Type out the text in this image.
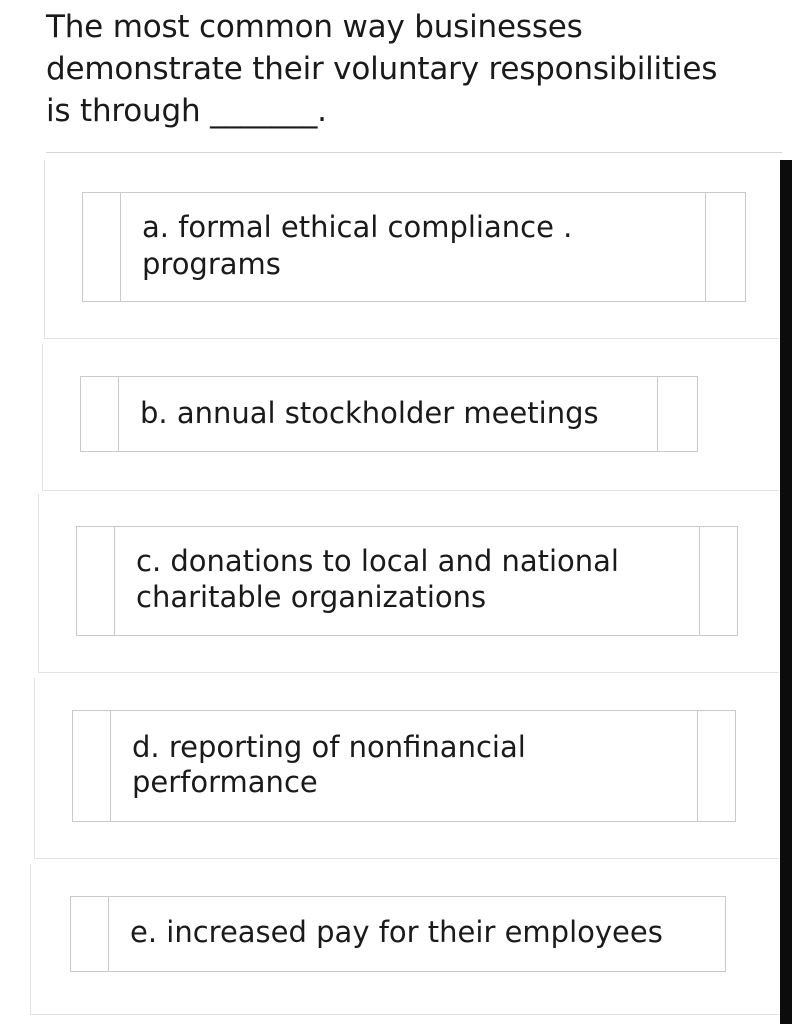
The most common way businesses
demonstrate their voluntary responsibilities
is through _______.
a. formal ethical compliance .
programs
b. annual stockholder meetings
c. donations to local and national
charitable organizations
d. reporting of nonfinancial
performance
e. increased pay for their employees
